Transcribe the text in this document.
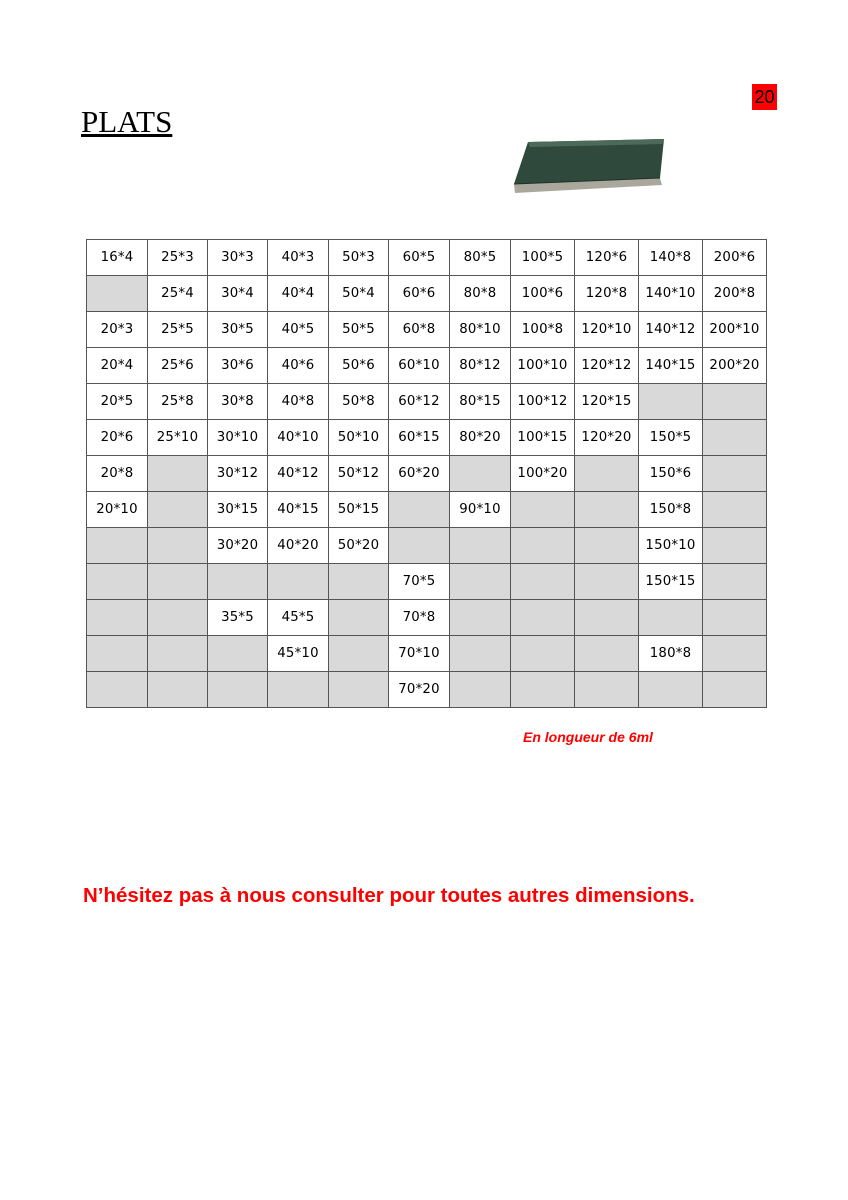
20
PLATS
16*4	25*3	30*3	40*3	50*3	60*5	80*5	100*5	120*6	140*8	200*6
	25*4	30*4	40*4	50*4	60*6	80*8	100*6	120*8	140*10	200*8
20*3	25*5	30*5	40*5	50*5	60*8	80*10	100*8	120*10	140*12	200*10
20*4	25*6	30*6	40*6	50*6	60*10	80*12	100*10	120*12	140*15	200*20
20*5	25*8	30*8	40*8	50*8	60*12	80*15	100*12	120*15		
20*6	25*10	30*10	40*10	50*10	60*15	80*20	100*15	120*20	150*5	
20*8		30*12	40*12	50*12	60*20		100*20		150*6	
20*10		30*15	40*15	50*15		90*10			150*8	
		30*20	40*20	50*20					150*10	
					70*5				150*15	
		35*5	45*5		70*8					
			45*10		70*10				180*8	
					70*20					
En longueur de 6ml
N’hésitez pas à nous consulter pour toutes autres dimensions.
